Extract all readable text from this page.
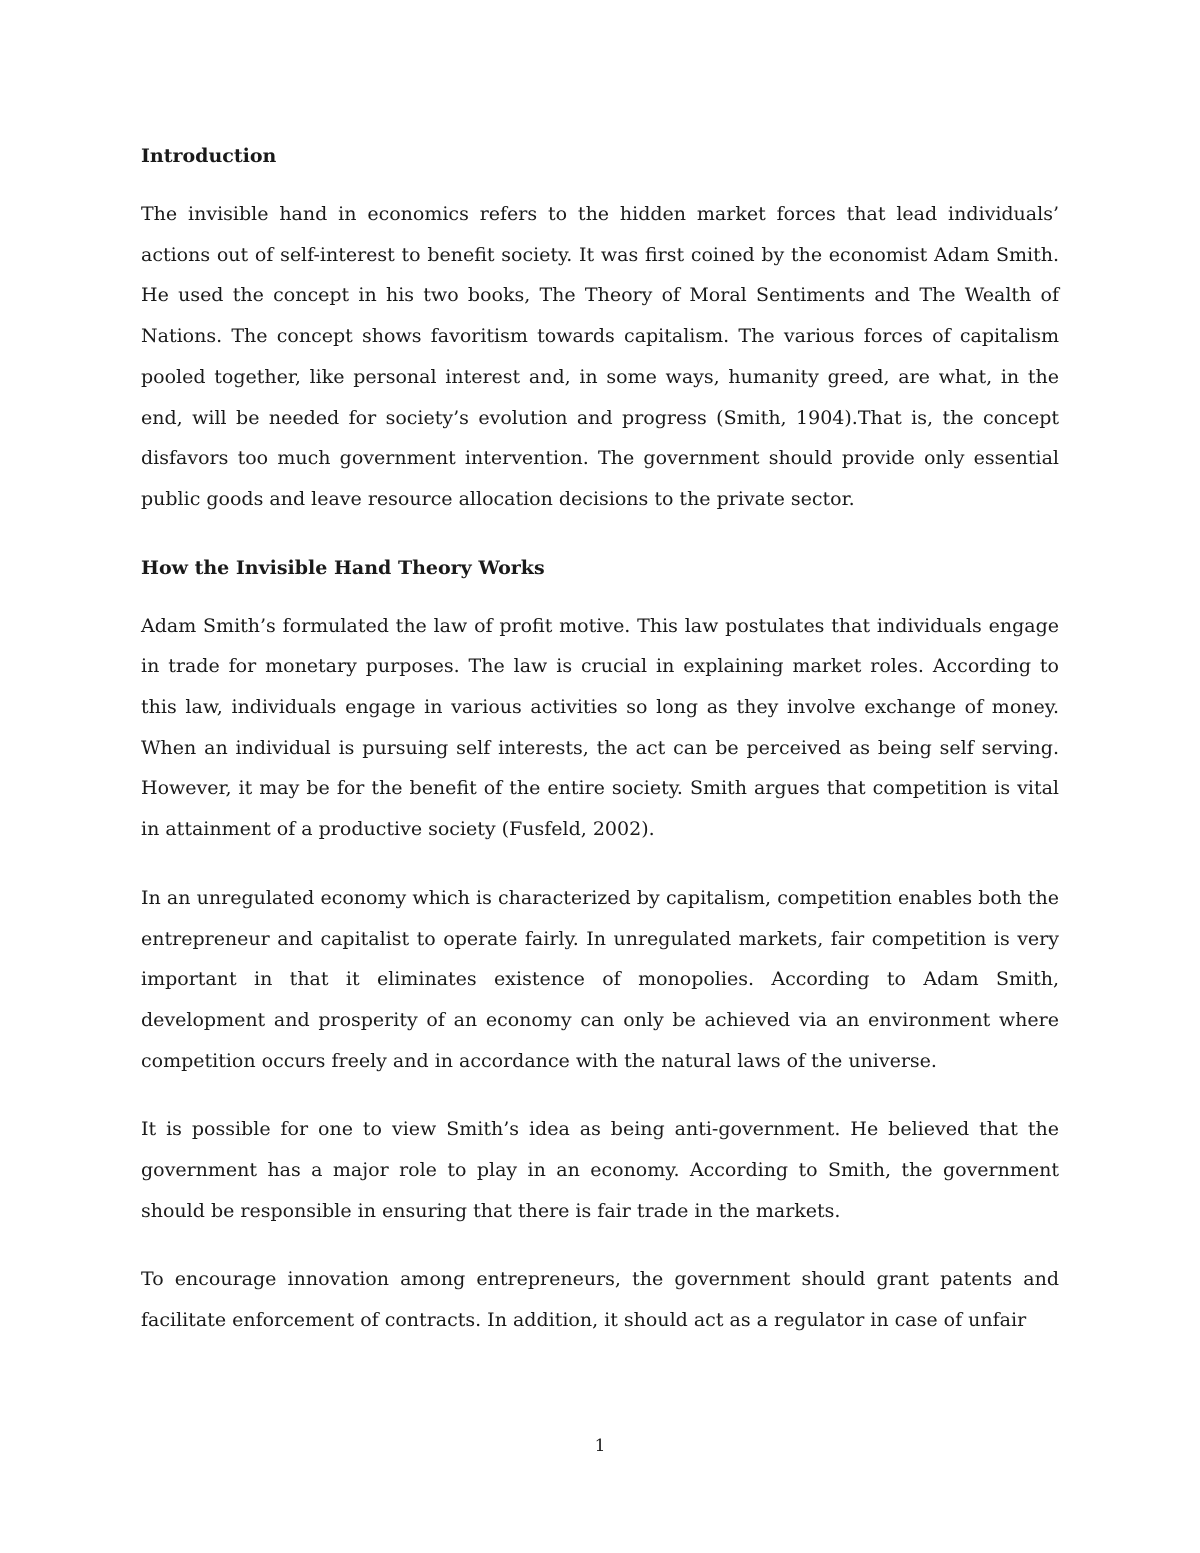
Introduction

The invisible hand in economics refers to the hidden market forces that lead individuals’ actions out of self-interest to benefit society. It was first coined by the economist Adam Smith. He used the concept in his two books, The Theory of Moral Sentiments and The Wealth of Nations. The concept shows favoritism towards capitalism. The various forces of capitalism pooled together, like personal interest and, in some ways, humanity greed, are what, in the end, will be needed for society’s evolution and progress (Smith, 1904).That is, the concept disfavors too much government intervention. The government should provide only essential public goods and leave resource allocation decisions to the private sector.

How the Invisible Hand Theory Works

Adam Smith’s formulated the law of profit motive. This law postulates that individuals engage in trade for monetary purposes. The law is crucial in explaining market roles. According to this law, individuals engage in various activities so long as they involve exchange of money. When an individual is pursuing self interests, the act can be perceived as being self serving. However, it may be for the benefit of the entire society. Smith argues that competition is vital in attainment of a productive society (Fusfeld, 2002).

In an unregulated economy which is characterized by capitalism, competition enables both the entrepreneur and capitalist to operate fairly. In unregulated markets, fair competition is very important in that it eliminates existence of monopolies. According to Adam Smith, development and prosperity of an economy can only be achieved via an environment where competition occurs freely and in accordance with the natural laws of the universe.

It is possible for one to view Smith’s idea as being anti-government. He believed that the government has a major role to play in an economy. According to Smith, the government should be responsible in ensuring that there is fair trade in the markets.

To encourage innovation among entrepreneurs, the government should grant patents and facilitate enforcement of contracts. In addition, it should act as a regulator in case of unfair

1
